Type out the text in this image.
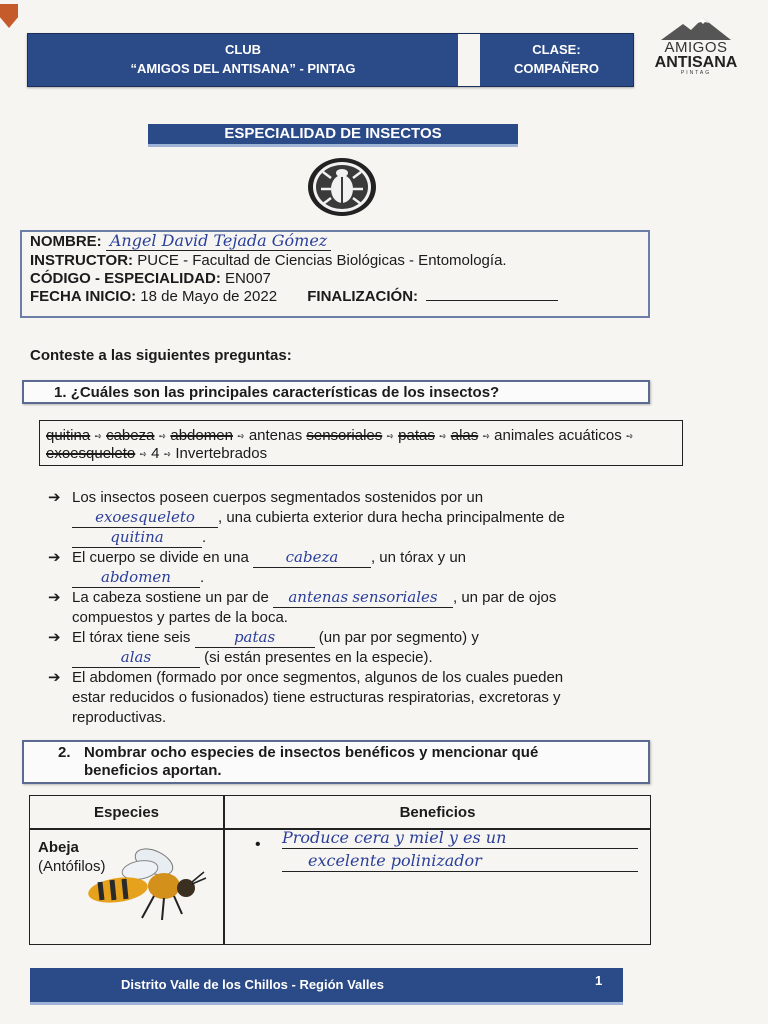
CLUB
“AMIGOS DEL ANTISANA” - PINTAG
CLASE:
COMPAÑERO
AMIGOS
ANTISANA
PINTAG
ESPECIALIDAD DE INSECTOS
NOMBRE: Angel David Tejada Gómez
INSTRUCTOR: PUCE - Facultad de Ciencias Biológicas - Entomología.
CÓDIGO - ESPECIALIDAD: EN007
FECHA INICIO: 18 de Mayo de 2022 FINALIZACIÓN:
Conteste a las siguientes preguntas:
1. ¿Cuáles son las principales características de los insectos?
quitina ➺ cabeza ➺ abdomen ➺ antenas sensoriales ➺ patas ➺ alas ➺ animales acuáticos ➺ exoesqueleto ➺ 4 ➺ Invertebrados
➔ Los insectos poseen cuerpos segmentados sostenidos por un
exoesqueleto , una cubierta exterior dura hecha principalmente de
quitina	.
➔ El cuerpo se divide en una cabeza , un tórax y un
abdomen .
➔ La cabeza sostiene un par de antenas sensoriales , un par de ojos
compuestos y partes de la boca.
➔ El tórax tiene seis	patas	(un par por segmento) y
alas	(si están presentes en la especie).
➔ El abdomen (formado por once segmentos, algunos de los cuales pueden
estar reducidos o fusionados) tiene estructuras respiratorias, excretoras y
reproductivas.
2. Nombrar ocho especies de insectos benéficos y mencionar qué
beneficios aportan.
Especies	Beneficios
Abeja
(Antófilos)
• Produce cera y miel y es un
excelente polinizador
Distrito Valle de los Chillos - Región Valles	1
